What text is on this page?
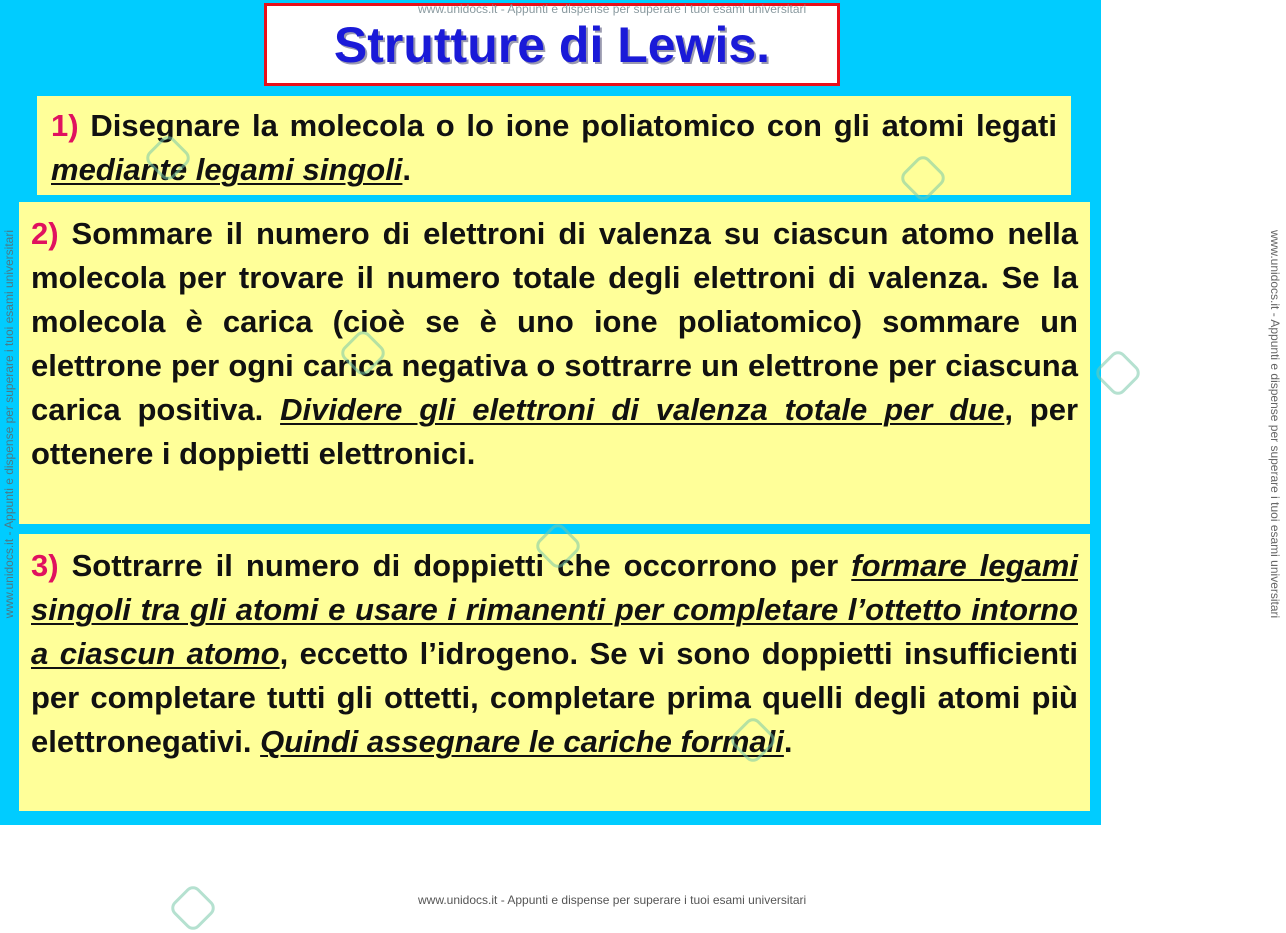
Strutture di Lewis.
1) Disegnare la molecola o lo ione poliatomico con gli atomi legati mediante legami singoli.
2) Sommare il numero di elettroni di valenza su ciascun atomo nella molecola per trovare il numero totale degli elettroni di valenza. Se la molecola è carica (cioè se è uno ione poliatomico) sommare un elettrone per ogni carica negativa o sottrarre un elettrone per ciascuna carica positiva. Dividere gli elettroni di valenza totale per due, per ottenere i doppietti elettronici.
3) Sottrarre il numero di doppietti che occorrono per formare legami singoli tra gli atomi e usare i rimanenti per completare l’ottetto intorno a ciascun atomo, eccetto l’idrogeno. Se vi sono doppietti insufficienti per completare tutti gli ottetti, completare prima quelli degli atomi più elettronegativi. Quindi assegnare le cariche formali.
www.unidocs.it - Appunti e dispense per superare i tuoi esami universitari
www.unidocs.it - Appunti e dispense per superare i tuoi esami universitari
www.unidocs.it - Appunti e dispense per superare i tuoi esami universitari
www.unidocs.it - Appunti e dispense per superare i tuoi esami universitari
